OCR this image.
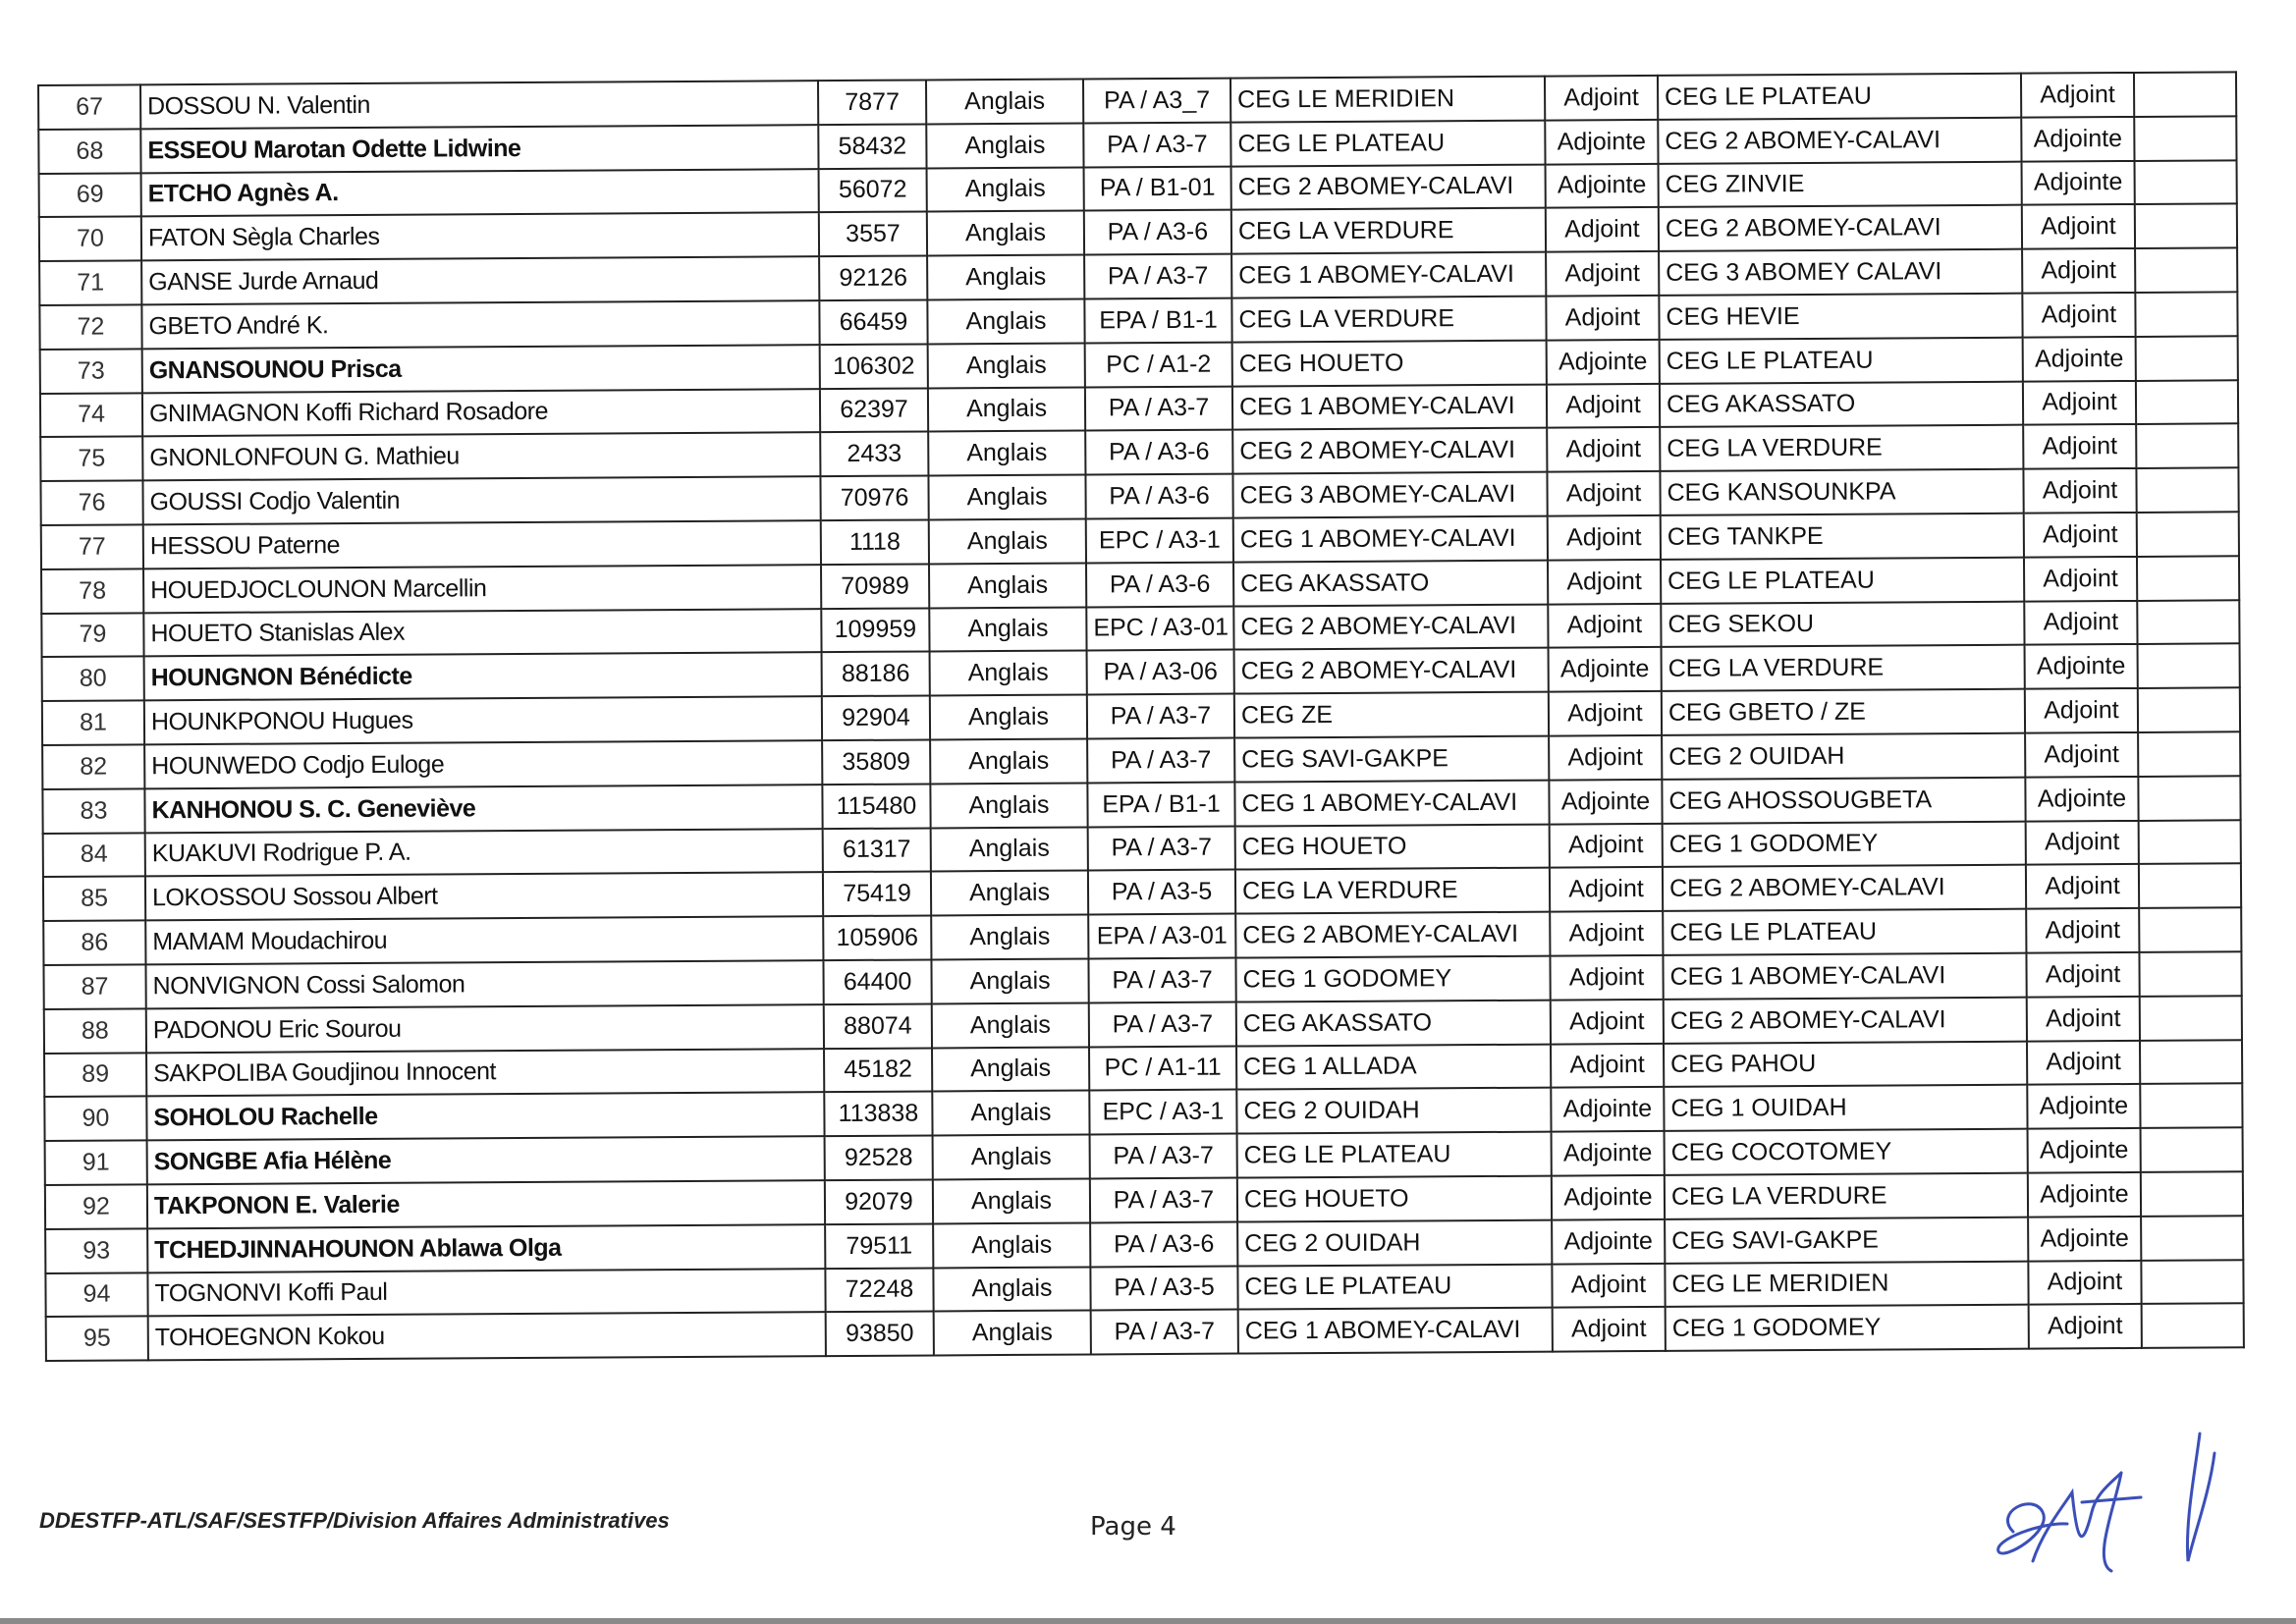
67	DOSSOU N. Valentin	7877	Anglais	PA / A3_7	CEG LE MERIDIEN	Adjoint	CEG LE PLATEAU	Adjoint	
68	ESSEOU Marotan Odette Lidwine	58432	Anglais	PA / A3-7	CEG LE PLATEAU	Adjointe	CEG 2 ABOMEY-CALAVI	Adjointe	
69	ETCHO Agnès A.	56072	Anglais	PA / B1-01	CEG 2 ABOMEY-CALAVI	Adjointe	CEG ZINVIE	Adjointe	
70	FATON Sègla Charles	3557	Anglais	PA / A3-6	CEG LA VERDURE	Adjoint	CEG 2 ABOMEY-CALAVI	Adjoint	
71	GANSE Jurde Arnaud	92126	Anglais	PA / A3-7	CEG 1 ABOMEY-CALAVI	Adjoint	CEG 3 ABOMEY CALAVI	Adjoint	
72	GBETO André K.	66459	Anglais	EPA / B1-1	CEG LA VERDURE	Adjoint	CEG HEVIE	Adjoint	
73	GNANSOUNOU Prisca	106302	Anglais	PC / A1-2	CEG HOUETO	Adjointe	CEG LE PLATEAU	Adjointe	
74	GNIMAGNON Koffi Richard Rosadore	62397	Anglais	PA / A3-7	CEG 1 ABOMEY-CALAVI	Adjoint	CEG AKASSATO	Adjoint	
75	GNONLONFOUN G. Mathieu	2433	Anglais	PA / A3-6	CEG 2 ABOMEY-CALAVI	Adjoint	CEG LA VERDURE	Adjoint	
76	GOUSSI Codjo Valentin	70976	Anglais	PA / A3-6	CEG 3 ABOMEY-CALAVI	Adjoint	CEG KANSOUNKPA	Adjoint	
77	HESSOU Paterne	1118	Anglais	EPC / A3-1	CEG 1 ABOMEY-CALAVI	Adjoint	CEG TANKPE	Adjoint	
78	HOUEDJOCLOUNON Marcellin	70989	Anglais	PA / A3-6	CEG AKASSATO	Adjoint	CEG LE PLATEAU	Adjoint	
79	HOUETO Stanislas Alex	109959	Anglais	EPC / A3-01	CEG 2 ABOMEY-CALAVI	Adjoint	CEG SEKOU	Adjoint	
80	HOUNGNON Bénédicte	88186	Anglais	PA / A3-06	CEG 2 ABOMEY-CALAVI	Adjointe	CEG LA VERDURE	Adjointe	
81	HOUNKPONOU Hugues	92904	Anglais	PA / A3-7	CEG ZE	Adjoint	CEG GBETO / ZE	Adjoint	
82	HOUNWEDO Codjo Euloge	35809	Anglais	PA / A3-7	CEG SAVI-GAKPE	Adjoint	CEG 2 OUIDAH	Adjoint	
83	KANHONOU S. C. Geneviève	115480	Anglais	EPA / B1-1	CEG 1 ABOMEY-CALAVI	Adjointe	CEG AHOSSOUGBETA	Adjointe	
84	KUAKUVI Rodrigue P. A.	61317	Anglais	PA / A3-7	CEG HOUETO	Adjoint	CEG 1 GODOMEY	Adjoint	
85	LOKOSSOU Sossou Albert	75419	Anglais	PA / A3-5	CEG LA VERDURE	Adjoint	CEG 2 ABOMEY-CALAVI	Adjoint	
86	MAMAM Moudachirou	105906	Anglais	EPA / A3-01	CEG 2 ABOMEY-CALAVI	Adjoint	CEG LE PLATEAU	Adjoint	
87	NONVIGNON Cossi Salomon	64400	Anglais	PA / A3-7	CEG 1 GODOMEY	Adjoint	CEG 1 ABOMEY-CALAVI	Adjoint	
88	PADONOU Eric Sourou	88074	Anglais	PA / A3-7	CEG AKASSATO	Adjoint	CEG 2 ABOMEY-CALAVI	Adjoint	
89	SAKPOLIBA Goudjinou Innocent	45182	Anglais	PC / A1-11	CEG 1 ALLADA	Adjoint	CEG PAHOU	Adjoint	
90	SOHOLOU Rachelle	113838	Anglais	EPC / A3-1	CEG 2 OUIDAH	Adjointe	CEG 1 OUIDAH	Adjointe	
91	SONGBE Afia Hélène	92528	Anglais	PA / A3-7	CEG LE PLATEAU	Adjointe	CEG COCOTOMEY	Adjointe	
92	TAKPONON E. Valerie	92079	Anglais	PA / A3-7	CEG HOUETO	Adjointe	CEG LA VERDURE	Adjointe	
93	TCHEDJINNAHOUNON Ablawa Olga	79511	Anglais	PA / A3-6	CEG 2 OUIDAH	Adjointe	CEG SAVI-GAKPE	Adjointe	
94	TOGNONVI Koffi Paul	72248	Anglais	PA / A3-5	CEG LE PLATEAU	Adjoint	CEG LE MERIDIEN	Adjoint	
95	TOHOEGNON Kokou	93850	Anglais	PA / A3-7	CEG 1 ABOMEY-CALAVI	Adjoint	CEG 1 GODOMEY	Adjoint	
DDESTFP-ATL/SAF/SESTFP/Division Affaires Administratives	Page 4
